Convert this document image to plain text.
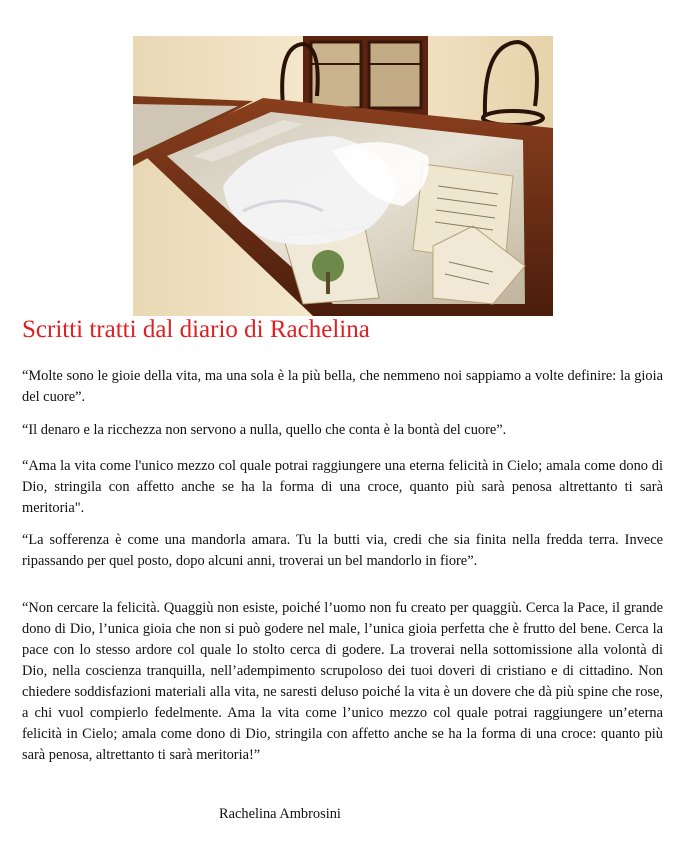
Scritti tratti dal diario di Rachelina

“Molte sono le gioie della vita, ma una sola è la più bella, che nemmeno noi sappiamo a volte definire: la gioia del cuore”.

“Il denaro e la ricchezza non servono a nulla, quello che conta è la bontà del cuore”.

“Ama la vita come l'unico mezzo col quale potrai raggiungere una eterna felicità in Cielo; amala come dono di Dio, stringila con affetto anche se ha la forma di una croce, quanto più sarà penosa altrettanto ti sarà meritoria".

“La sofferenza è come una mandorla amara. Tu la butti via, credi che sia finita nella fredda terra. Invece ripassando per quel posto, dopo alcuni anni, troverai un bel mandorlo in fiore”.

“Non cercare la felicità. Quaggiù non esiste, poiché l’uomo non fu creato per quaggiù. Cerca la Pace, il grande dono di Dio, l’unica gioia che non si può godere nel male, l’unica gioia perfetta che è frutto del bene. Cerca la pace con lo stesso ardore col quale lo stolto cerca di godere. La troverai nella sottomissione alla volontà di Dio, nella coscienza tranquilla, nell’adempimento scrupoloso dei tuoi doveri di cristiano e di cittadino. Non chiedere soddisfazioni materiali alla vita, ne saresti deluso poiché la vita è un dovere che dà più spine che rose, a chi vuol compierlo fedelmente. Ama la vita come l’unico mezzo col quale potrai raggiungere un’eterna felicità in Cielo; amala come dono di Dio, stringila con affetto anche se ha la forma di una croce: quanto più sarà penosa, altrettanto ti sarà meritoria!”

Rachelina Ambrosini
